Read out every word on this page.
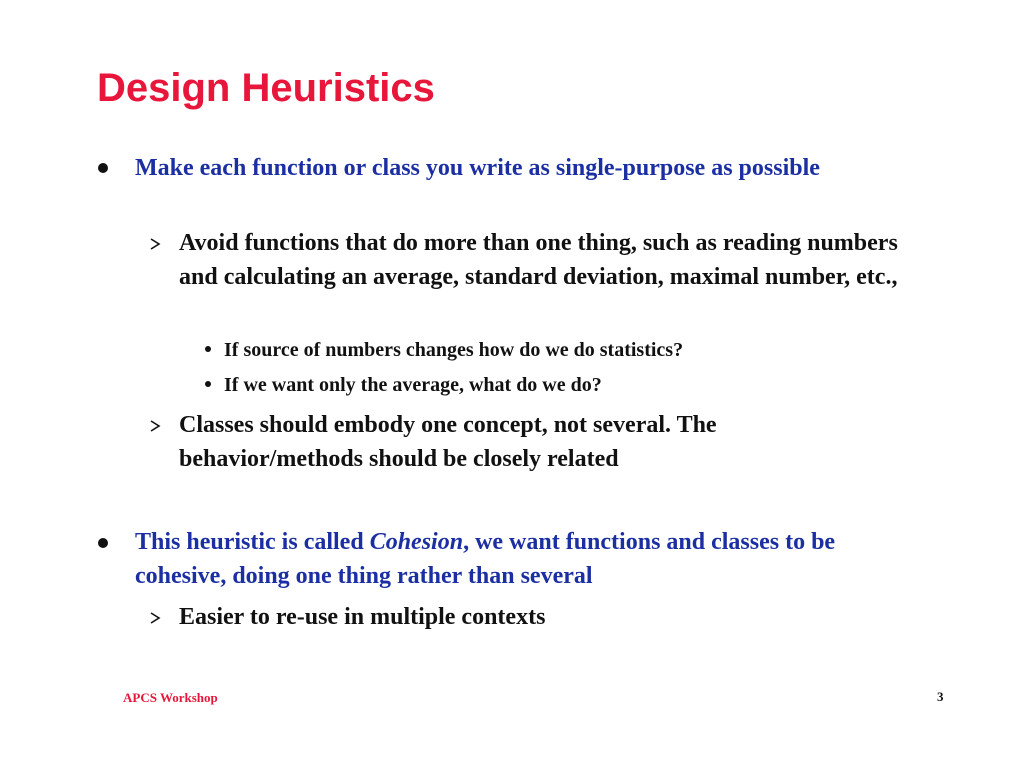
Design Heuristics
Make each function or class you write as single-purpose as possible
Avoid functions that do more than one thing, such as reading numbers and calculating an average, standard deviation, maximal number, etc.,
If source of numbers changes how do we do statistics?
If we want only the average, what do we do?
Classes should embody one concept, not several. The behavior/methods should be closely related
This heuristic is called Cohesion, we want functions and classes to be cohesive, doing one thing rather than several
Easier to re-use in multiple contexts
APCS Workshop	3
